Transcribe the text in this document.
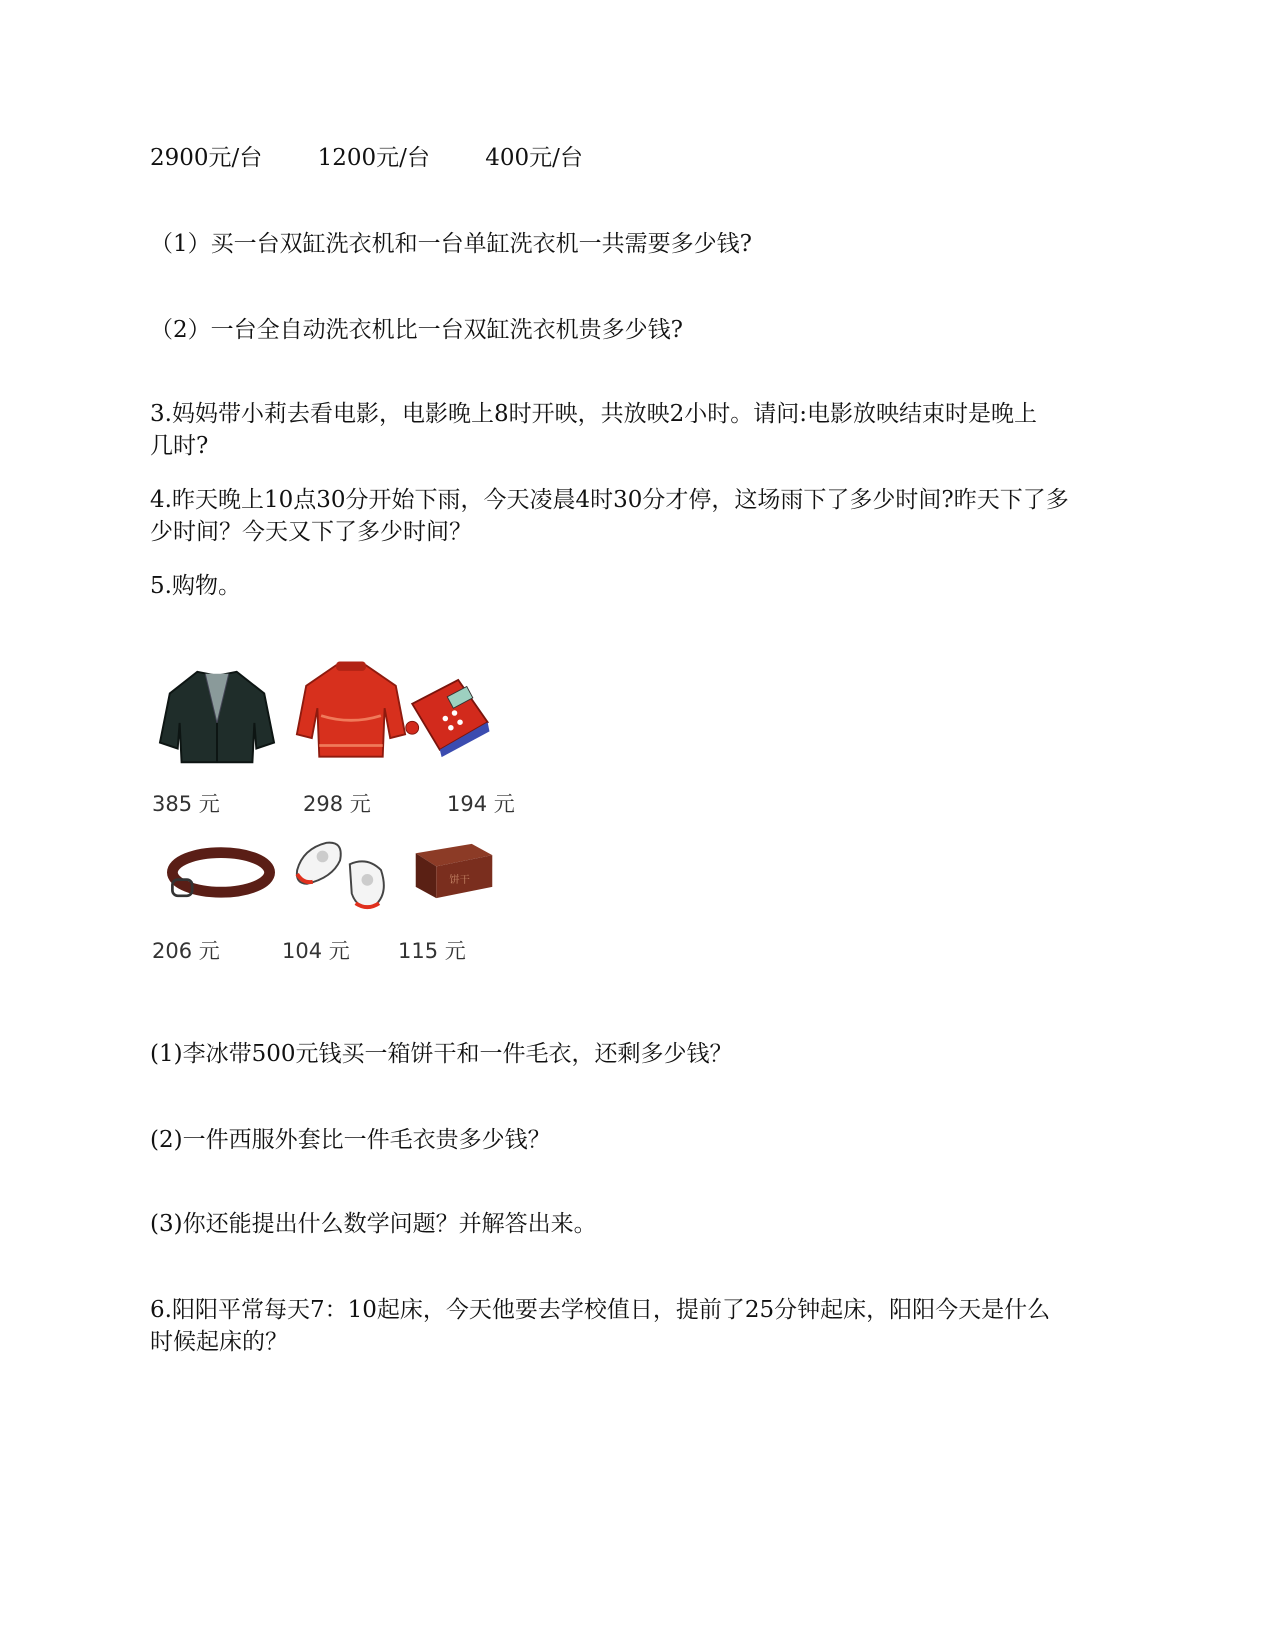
2900元/台 1200元/台 400元/台
（1）买一台双缸洗衣机和一台单缸洗衣机一共需要多少钱?
（2）一台全自动洗衣机比一台双缸洗衣机贵多少钱?
3.妈妈带小莉去看电影，电影晚上8时开映，共放映2小时。请问:电影放映结束时是晚上
几时?
4.昨天晚上10点30分开始下雨，今天凌晨4时30分才停，这场雨下了多少时间?昨天下了多
少时间？今天又下了多少时间？
5.购物。
385 元	298 元	194 元
饼干
206 元	104 元 115 元
(1)李冰带500元钱买一箱饼干和一件毛衣，还剩多少钱？
(2)一件西服外套比一件毛衣贵多少钱？
(3)你还能提出什么数学问题？并解答出来。
6.阳阳平常每天7：10起床，今天他要去学校值日，提前了25分钟起床，阳阳今天是什么
时候起床的？
